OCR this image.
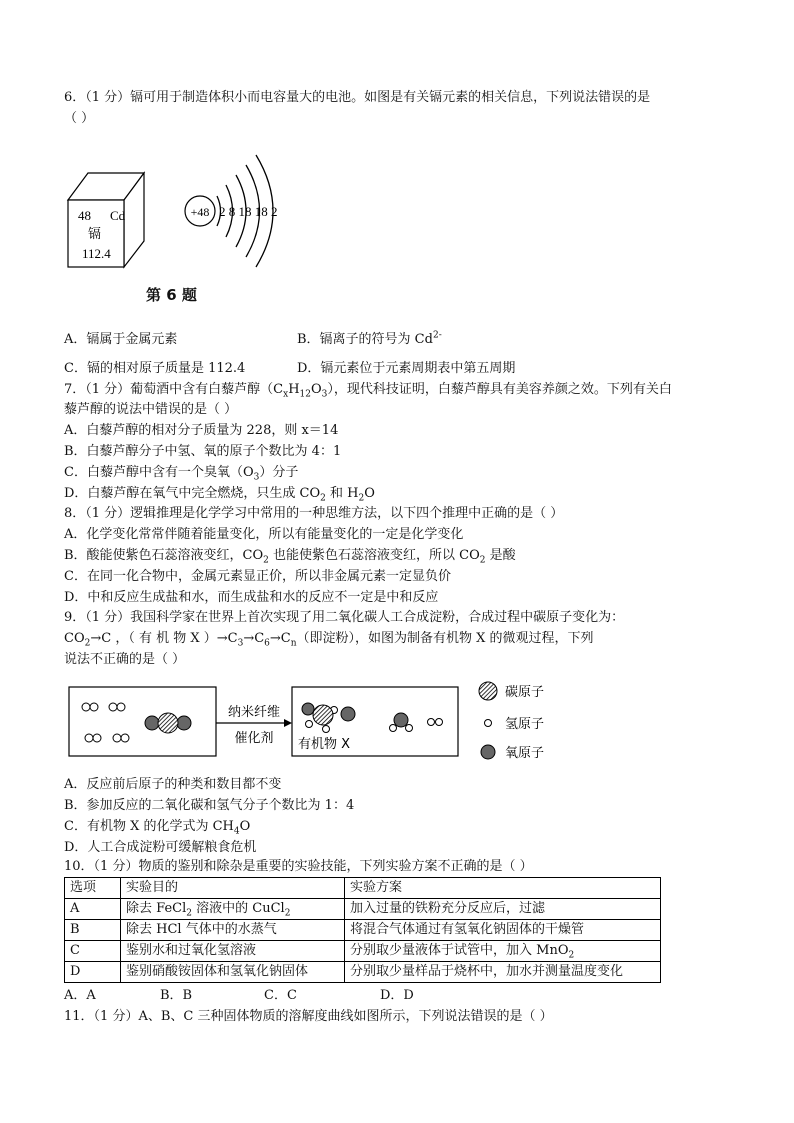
6．（1 分）镉可用于制造体积小而电容量大的电池。如图是有关镉元素的相关信息，下列说法错误的是
（ ）
48 Cd
镉
112.4
+48 2 8 18 18 2
第 6 题
A．镉属于金属元素	B．镉离子的符号为 $Cd^{2-}$
C．镉的相对原子质量是 112.4	D．镉元素位于元素周期表中第五周期
7．（1 分）葡萄酒中含有白藜芦醇$(C_xH_{12}O_3)$，现代科技证明，白藜芦醇具有美容养颜之效。下列有关白
藜芦醇的说法中错误的是（ ）
A．白藜芦醇的相对分子质量为 228，则 x＝14
B．白藜芦醇分子中氢、氧的原子个数比为 4：1
C．白藜芦醇中含有一个臭氧$(O_3)$分子
D．白藜芦醇在氧气中完全燃烧，只生成 $CO_2$ 和 $H_2O$
8．（1 分）逻辑推理是化学学习中常用的一种思维方法，以下四个推理中正确的是（ ）
A．化学变化常常伴随着能量变化，所以有能量变化的一定是化学变化
B．酸能使紫色石蕊溶液变红，$CO_2$ 也能使紫色石蕊溶液变红，所以 $CO_2$ 是酸
C．在同一化合物中，金属元素显正价，所以非金属元素一定显负价
D．中和反应生成盐和水，而生成盐和水的反应不一定是中和反应
9．（1 分）我国科学家在世界上首次实现了用二氧化碳人工合成淀粉，合成过程中碳原子变化为：
$CO_2\to C$ ，（ 有 机 物 X ）$\to C_3\to C_6\to C_n$（即淀粉），如图为制备有机物 X 的微观过程，下列
说法不正确的是（ ）
纳米纤维
催化剂 有机物 X
碳原子
氢原子
氧原子
A．反应前后原子的种类和数目都不变
B．参加反应的二氧化碳和氢气分子个数比为 1：4
C．有机物 X 的化学式为 $CH_4O$
D．人工合成淀粉可缓解粮食危机
10．（1 分）物质的鉴别和除杂是重要的实验技能，下列实验方案不正确的是（ ）
选项	实验目的	实验方案
A	除去 FeCl$_2$ 溶液中的 CuCl$_2$	加入过量的铁粉充分反应后，过滤
B	除去 HCl 气体中的水蒸气	将混合气体通过有氢氧化钠固体的干燥管
C	鉴别水和过氧化氢溶液	分别取少量液体于试管中，加入 MnO$_2$
D	鉴别硝酸铵固体和氢氧化钠固体	分别取少量样品于烧杯中，加水并测量温度变化
A．A	B．B	C．C	D．D
11．（1 分）A、B、C 三种固体物质的溶解度曲线如图所示，下列说法错误的是（ ）
